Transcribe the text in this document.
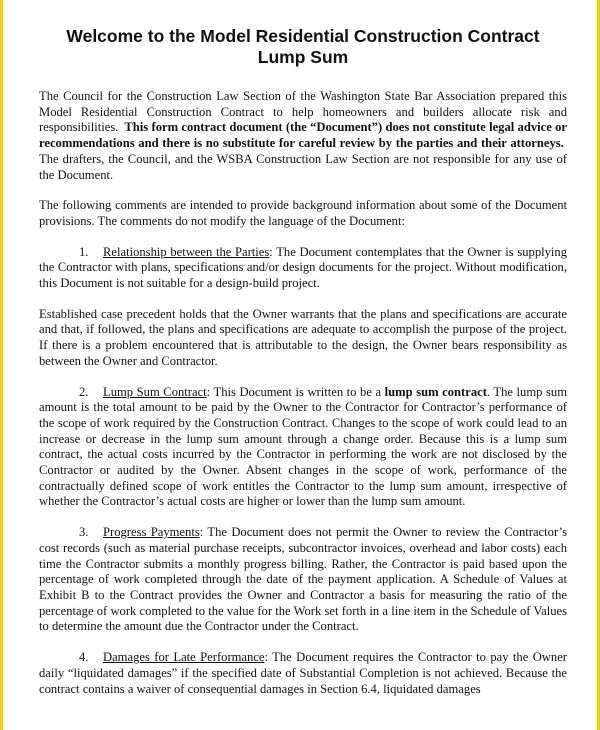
Welcome to the Model Residential Construction Contract
Lump Sum

The Council for the Construction Law Section of the Washington State Bar Association prepared this Model Residential Construction Contract to help homeowners and builders allocate risk and responsibilities. This form contract document (the “Document”) does not constitute legal advice or recommendations and there is no substitute for careful review by the parties and their attorneys.  The drafters, the Council, and the WSBA Construction Law Section are not responsible for any use of the Document.

The following comments are intended to provide background information about some of the Document provisions. The comments do not modify the language of the Document:

1. Relationship between the Parties: The Document contemplates that the Owner is supplying the Contractor with plans, specifications and/or design documents for the project. Without modification, this Document is not suitable for a design-build project.

Established case precedent holds that the Owner warrants that the plans and specifications are accurate and that, if followed, the plans and specifications are adequate to accomplish the purpose of the project. If there is a problem encountered that is attributable to the design, the Owner bears responsibility as between the Owner and Contractor.

2. Lump Sum Contract: This Document is written to be a lump sum contract. The lump sum amount is the total amount to be paid by the Owner to the Contractor for Contractor’s performance of the scope of work required by the Construction Contract. Changes to the scope of work could lead to an increase or decrease in the lump sum amount through a change order. Because this is a lump sum contract, the actual costs incurred by the Contractor in performing the work are not disclosed by the Contractor or audited by the Owner. Absent changes in the scope of work, performance of the contractually defined scope of work entitles the Contractor to the lump sum amount, irrespective of whether the Contractor’s actual costs are higher or lower than the lump sum amount.

3. Progress Payments: The Document does not permit the Owner to review the Contractor’s cost records (such as material purchase receipts, subcontractor invoices, overhead and labor costs) each time the Contractor submits a monthly progress billing. Rather, the Contractor is paid based upon the percentage of work completed through the date of the payment application. A Schedule of Values at Exhibit B to the Contract provides the Owner and Contractor a basis for measuring the ratio of the percentage of work completed to the value for the Work set forth in a line item in the Schedule of Values to determine the amount due the Contractor under the Contract.

4. Damages for Late Performance: The Document requires the Contractor to pay the Owner daily “liquidated damages” if the specified date of Substantial Completion is not achieved. Because the contract contains a waiver of consequential damages in Section 6.4, liquidated damages
